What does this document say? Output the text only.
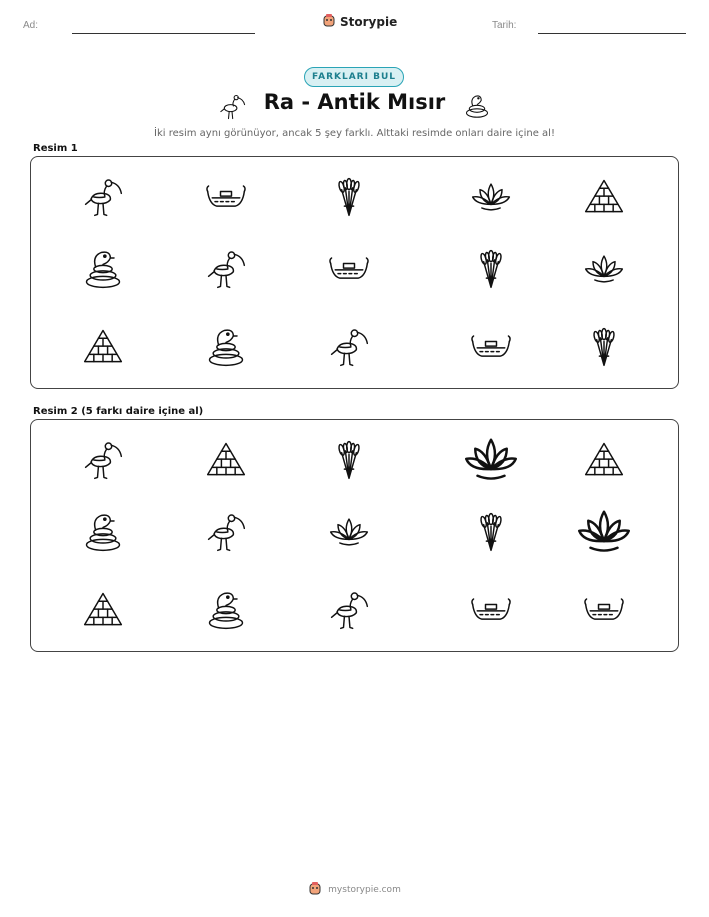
Ad:	Storypie	Tarih:
FARKLARI BUL
Ra - Antik Mısır
İki resim aynı görünüyor, ancak 5 şey farklı. Alttaki resimde onları daire içine al!
Resim 1
Resim 2 (5 farkı daire içine al)
mystorypie.com
